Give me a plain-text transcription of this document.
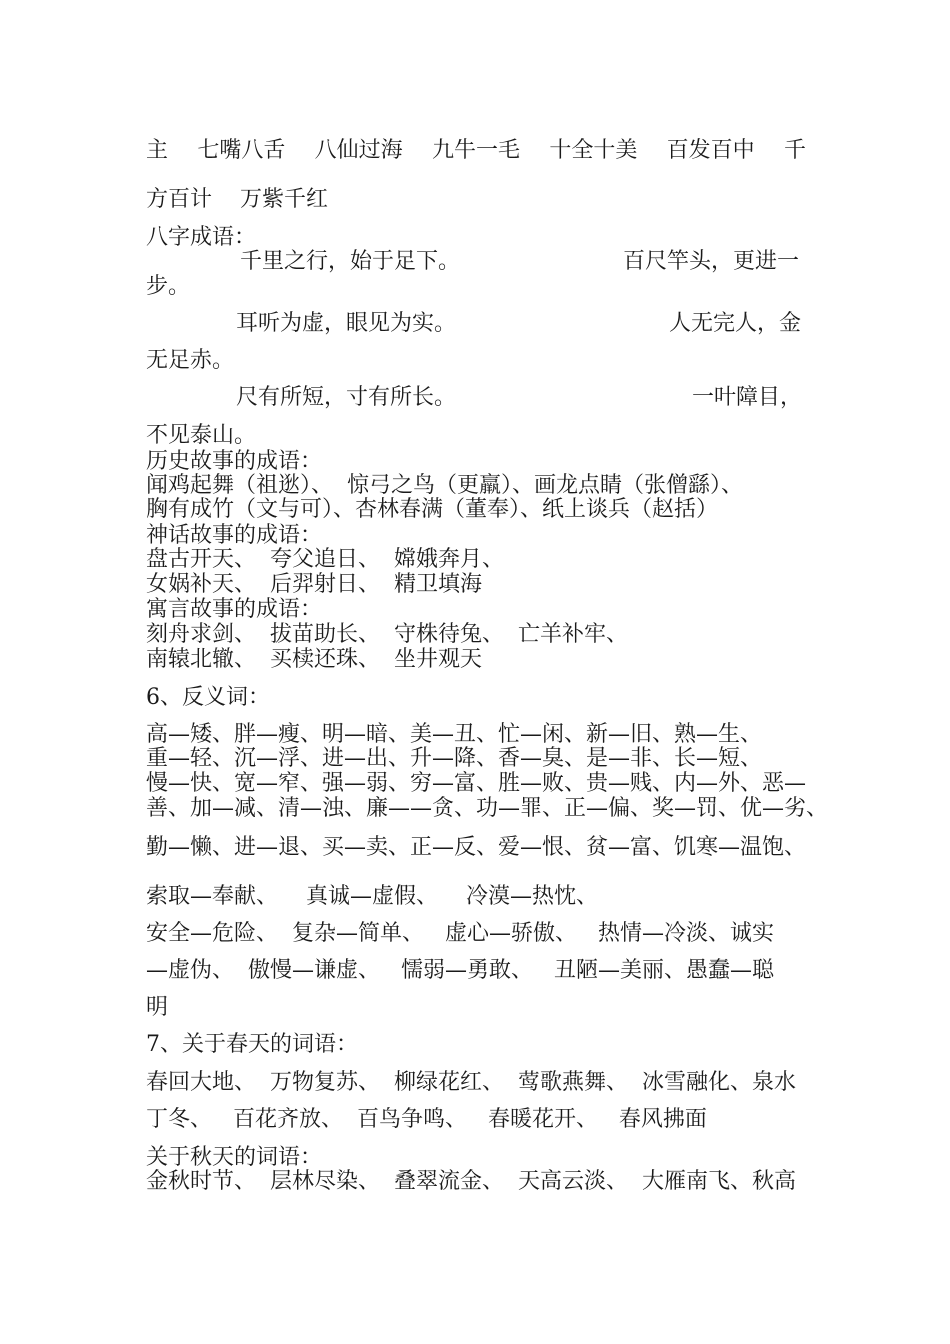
主 七嘴八舌 八仙过海 九牛一毛 十全十美 百发百中 千
方百计    万紫千红
八字成语：
千里之行，始于足下。	百尺竿头，更进一
步。
耳听为虚，眼见为实。	人无完人，金
无足赤。
尺有所短，寸有所长。	一叶障目，
不见泰山。
历史故事的成语：
闻鸡起舞（祖逖）、  惊弓之鸟（更羸）、画龙点睛（张僧繇）、
胸有成竹（文与可）、杏林春满（董奉）、纸上谈兵（赵括）
神话故事的成语：
盘古开天、  夸父追日、  嫦娥奔月、
女娲补天、  后羿射日、  精卫填海
寓言故事的成语：
刻舟求剑、  拔苗助长、  守株待兔、  亡羊补牢、
南辕北辙、  买椟还珠、  坐井观天
6、反义词：
高—矮、胖—瘦、明—暗、美—丑、忙—闲、新—旧、熟—生、
重—轻、沉—浮、进—出、升—降、香—臭、是—非、长—短、
慢—快、宽—窄、强—弱、穷—富、胜—败、贵—贱、内—外、恶—
善、加—减、清—浊、廉——贪、功—罪、正—偏、奖—罚、优—劣、
勤—懒、进—退、买—卖、正—反、爱—恨、贫—富、饥寒—温饱、
索取—奉献、    真诚—虚假、    冷漠—热忱、
安全—危险、  复杂—简单、   虚心—骄傲、   热情—冷淡、诚实
—虚伪、  傲慢—谦虚、   懦弱—勇敢、   丑陋—美丽、愚蠢—聪
明
7、关于春天的词语：
春回大地、  万物复苏、  柳绿花红、  莺歌燕舞、  冰雪融化、泉水
丁冬、   百花齐放、  百鸟争鸣、   春暖花开、   春风拂面
关于秋天的词语：
金秋时节、  层林尽染、  叠翠流金、  天高云淡、  大雁南飞、秋高
